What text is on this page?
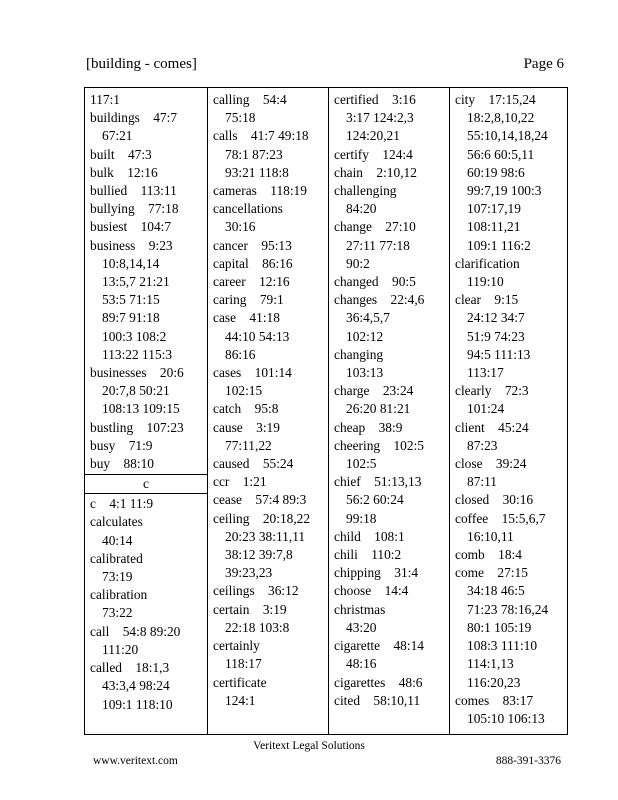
[building - comes]	Page 6
117:1
buildings    47:7
67:21
built    47:3
bulk    12:16
bullied    113:11
bullying    77:18
busiest    104:7
business    9:23
10:8,14,14
13:5,7 21:21
53:5 71:15
89:7 91:18
100:3 108:2
113:22 115:3
businesses    20:6
20:7,8 50:21
108:13 109:15
bustling    107:23
busy    71:9
buy    88:10
c
c    4:1 11:9
calculates
40:14
calibrated
73:19
calibration
73:22
call    54:8 89:20
111:20
called    18:1,3
43:3,4 98:24
109:1 118:10
calling    54:4
75:18
calls    41:7 49:18
78:1 87:23
93:21 118:8
cameras    118:19
cancellations
30:16
cancer    95:13
capital    86:16
career    12:16
caring    79:1
case    41:18
44:10 54:13
86:16
cases    101:14
102:15
catch    95:8
cause    3:19
77:11,22
caused    55:24
ccr    1:21
cease    57:4 89:3
ceiling    20:18,22
20:23 38:11,11
38:12 39:7,8
39:23,23
ceilings    36:12
certain    3:19
22:18 103:8
certainly
118:17
certificate
124:1
certified    3:16
3:17 124:2,3
124:20,21
certify    124:4
chain    2:10,12
challenging
84:20
change    27:10
27:11 77:18
90:2
changed    90:5
changes    22:4,6
36:4,5,7
102:12
changing
103:13
charge    23:24
26:20 81:21
cheap    38:9
cheering    102:5
102:5
chief    51:13,13
56:2 60:24
99:18
child    108:1
chili    110:2
chipping    31:4
choose    14:4
christmas
43:20
cigarette    48:14
48:16
cigarettes    48:6
cited    58:10,11
city    17:15,24
18:2,8,10,22
55:10,14,18,24
56:6 60:5,11
60:19 98:6
99:7,19 100:3
107:17,19
108:11,21
109:1 116:2
clarification
119:10
clear    9:15
24:12 34:7
51:9 74:23
94:5 111:13
113:17
clearly    72:3
101:24
client    45:24
87:23
close    39:24
87:11
closed    30:16
coffee    15:5,6,7
16:10,11
comb    18:4
come    27:15
34:18 46:5
71:23 78:16,24
80:1 105:19
108:3 111:10
114:1,13
116:20,23
comes    83:17
105:10 106:13
Veritext Legal Solutions
www.veritext.com	888-391-3376
